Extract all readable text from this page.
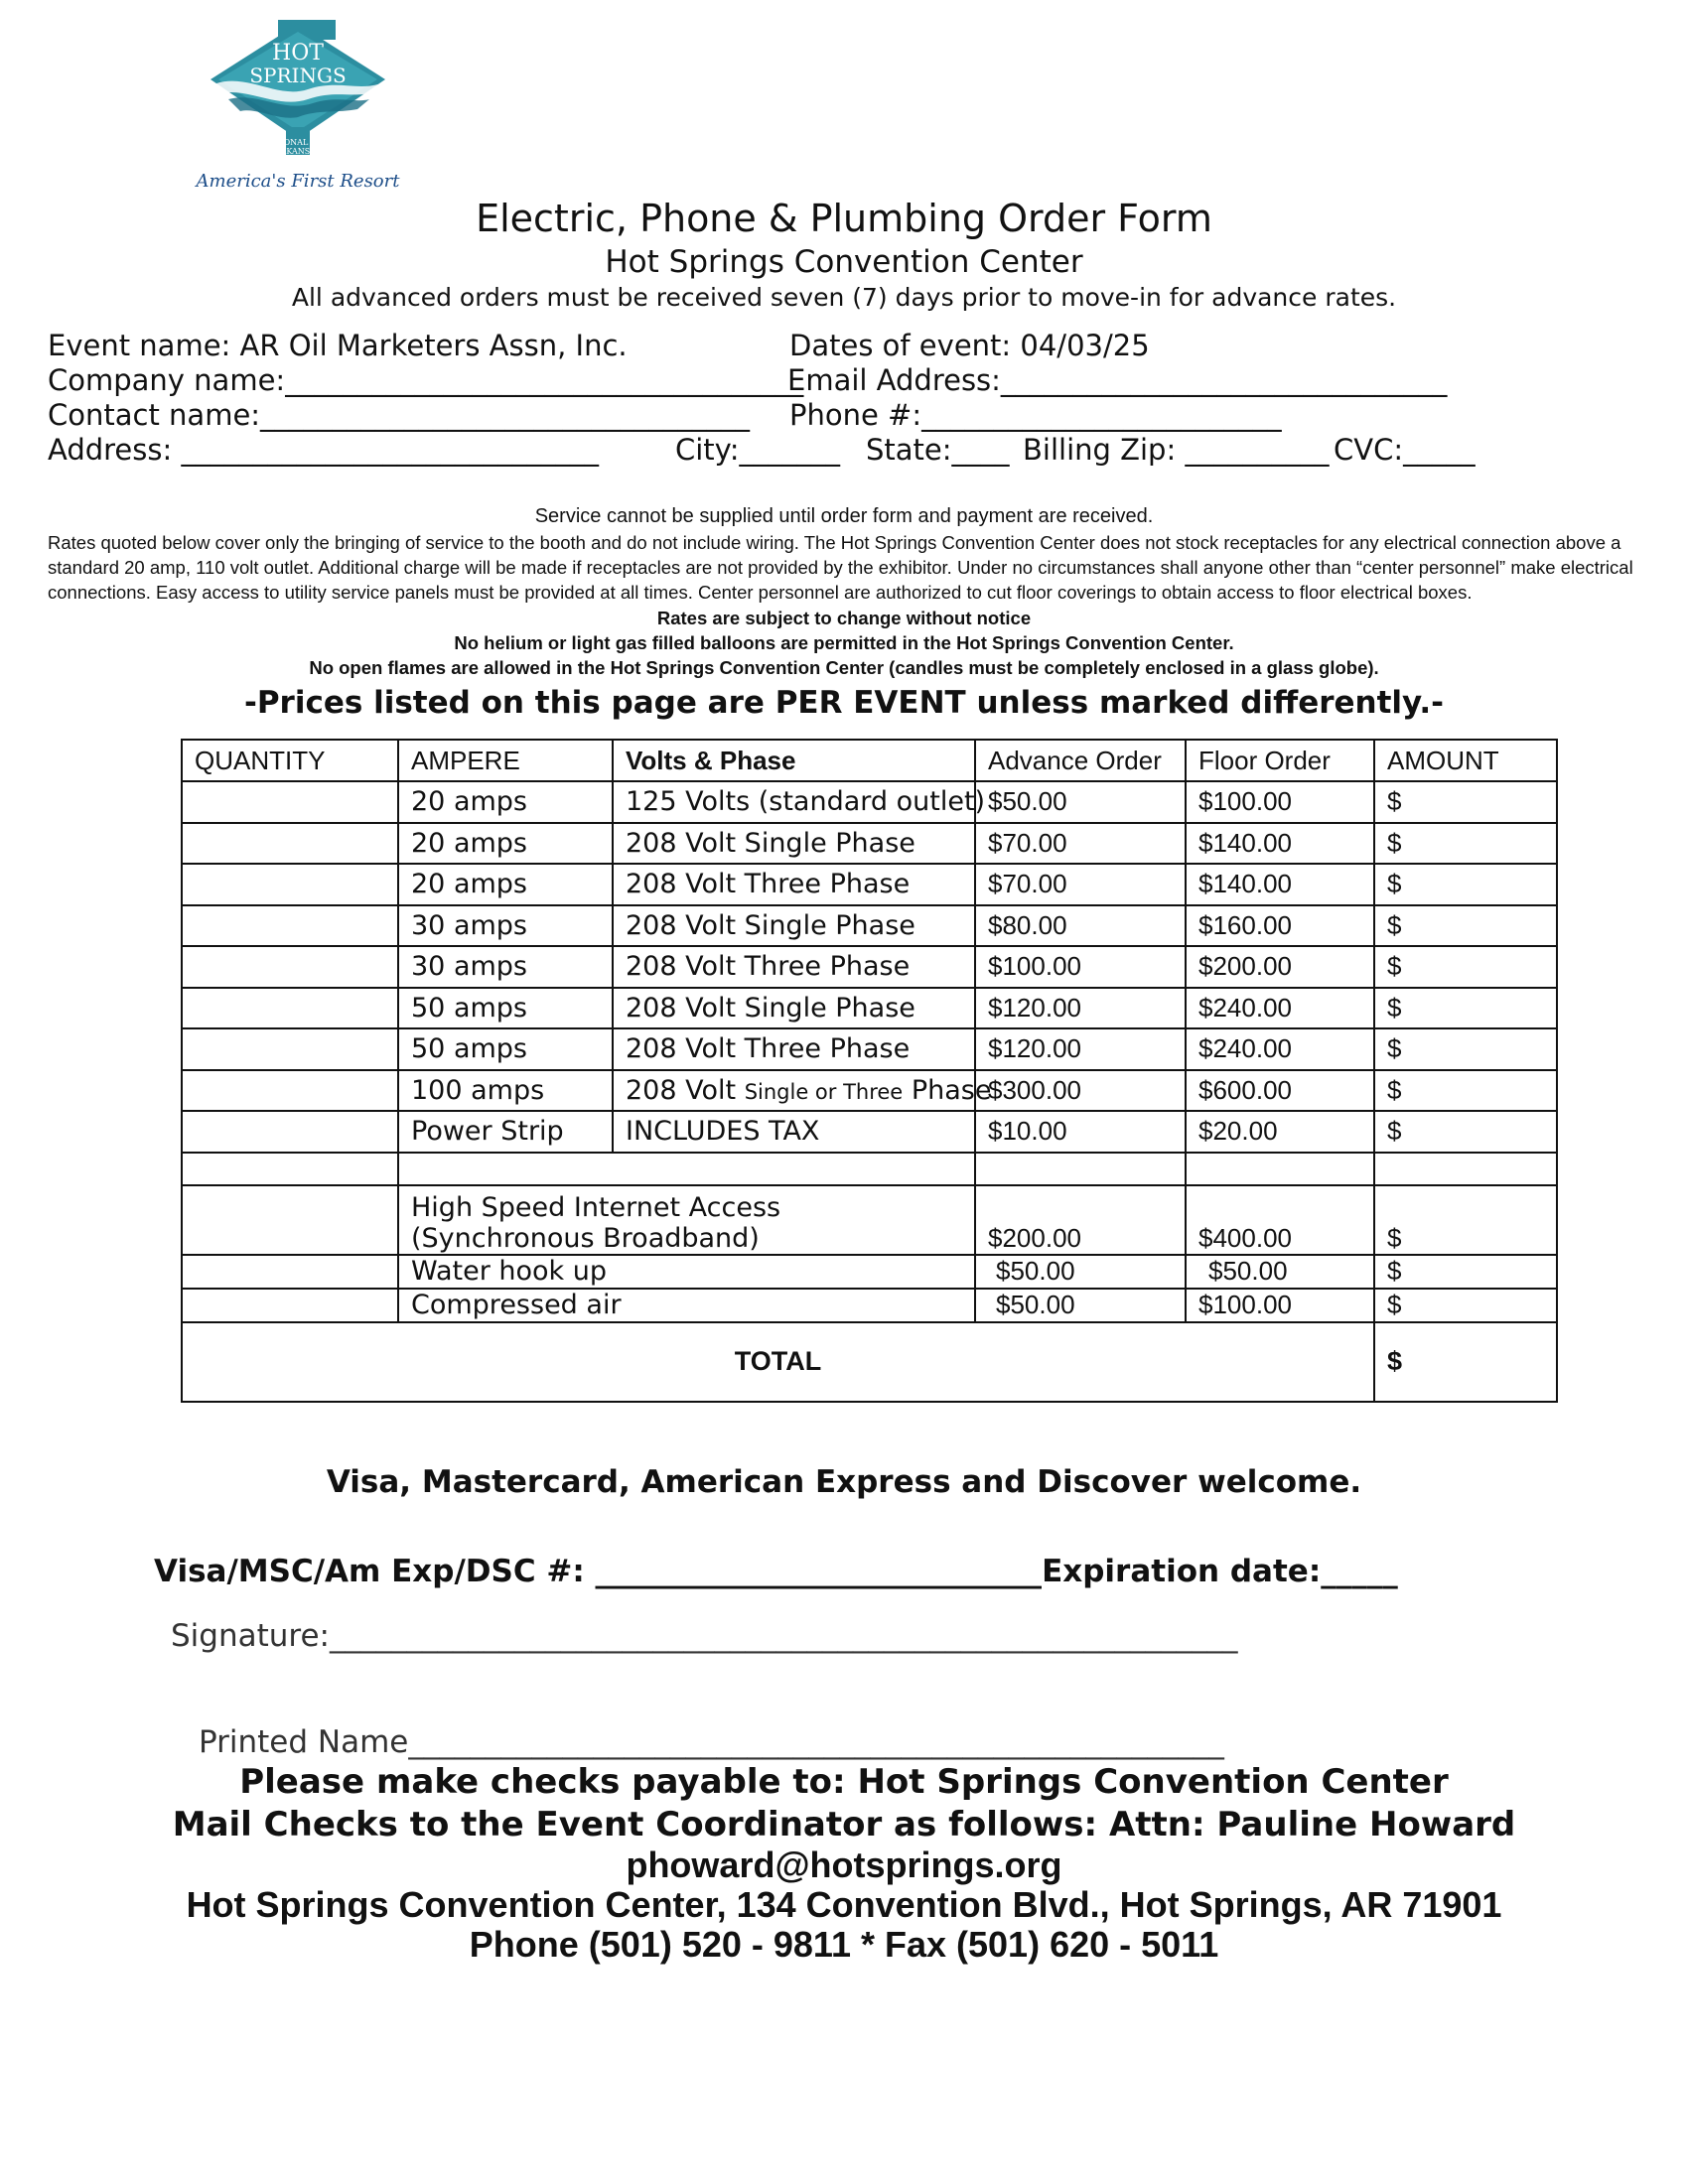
HOT
SPRINGS
NATIONAL PARK
ARKANSAS
America's First Resort
Electric, Phone & Plumbing Order Form
Hot Springs Convention Center
All advanced orders must be received seven (7) days prior to move-in for advance rates.
Event name: AR Oil Marketers Assn, Inc.	Dates of event: 04/03/25
Company name:____________________________________
Email Address:_______________________________
Contact name:__________________________________ Phone #:_________________________
Address: _____________________________	City:_______ State:____ Billing Zip: __________ CVC:_____
Service cannot be supplied until order form and payment are received.
Rates quoted below cover only the bringing of service to the booth and do not include wiring. The Hot Springs Convention Center does not stock receptacles for any electrical connection above a standard 20 amp, 110 volt outlet. Additional charge will be made if receptacles are not provided by the exhibitor. Under no circumstances shall anyone other than “center personnel” make electrical connections. Easy access to utility service panels must be provided at all times. Center personnel are authorized to cut floor coverings to obtain access to floor electrical boxes.
Rates are subject to change without notice
No helium or light gas filled balloons are permitted in the Hot Springs Convention Center.
No open flames are allowed in the Hot Springs Convention Center (candles must be completely enclosed in a glass globe).
-Prices listed on this page are PER EVENT unless marked differently.-
QUANTITY	AMPERE	Volts & Phase	Advance Order	Floor Order	AMOUNT
	20 amps	125 Volts (standard outlet)	$50.00	$100.00	$
	20 amps	208 Volt Single Phase	$70.00	$140.00	$
	20 amps	208 Volt Three Phase	$70.00	$140.00	$
	30 amps	208 Volt Single Phase	$80.00	$160.00	$
	30 amps	208 Volt Three Phase	$100.00	$200.00	$
	50 amps	208 Volt Single Phase	$120.00	$240.00	$
	50 amps	208 Volt Three Phase	$120.00	$240.00	$
	100 amps	208 Volt Single or Three Phase	$300.00	$600.00	$
	Power Strip	INCLUDES TAX	$10.00	$20.00	$

	High Speed Internet Access
(Synchronous Broadband)		$200.00	$400.00	$
	Water hook up		$50.00	$50.00	$
	Compressed air		$50.00	$100.00	$
TOTAL					$
Visa, Mastercard, American Express and Discover welcome.
Visa/MSC/Am Exp/DSC #: _____________________________Expiration date:_____
Signature:___________________________________________________________
Printed Name_____________________________________________________
Please make checks payable to: Hot Springs Convention Center
Mail Checks to the Event Coordinator as follows: Attn: Pauline Howard
phoward@hotsprings.org
Hot Springs Convention Center, 134 Convention Blvd., Hot Springs, AR 71901
Phone (501) 520 - 9811 * Fax (501) 620 - 5011
